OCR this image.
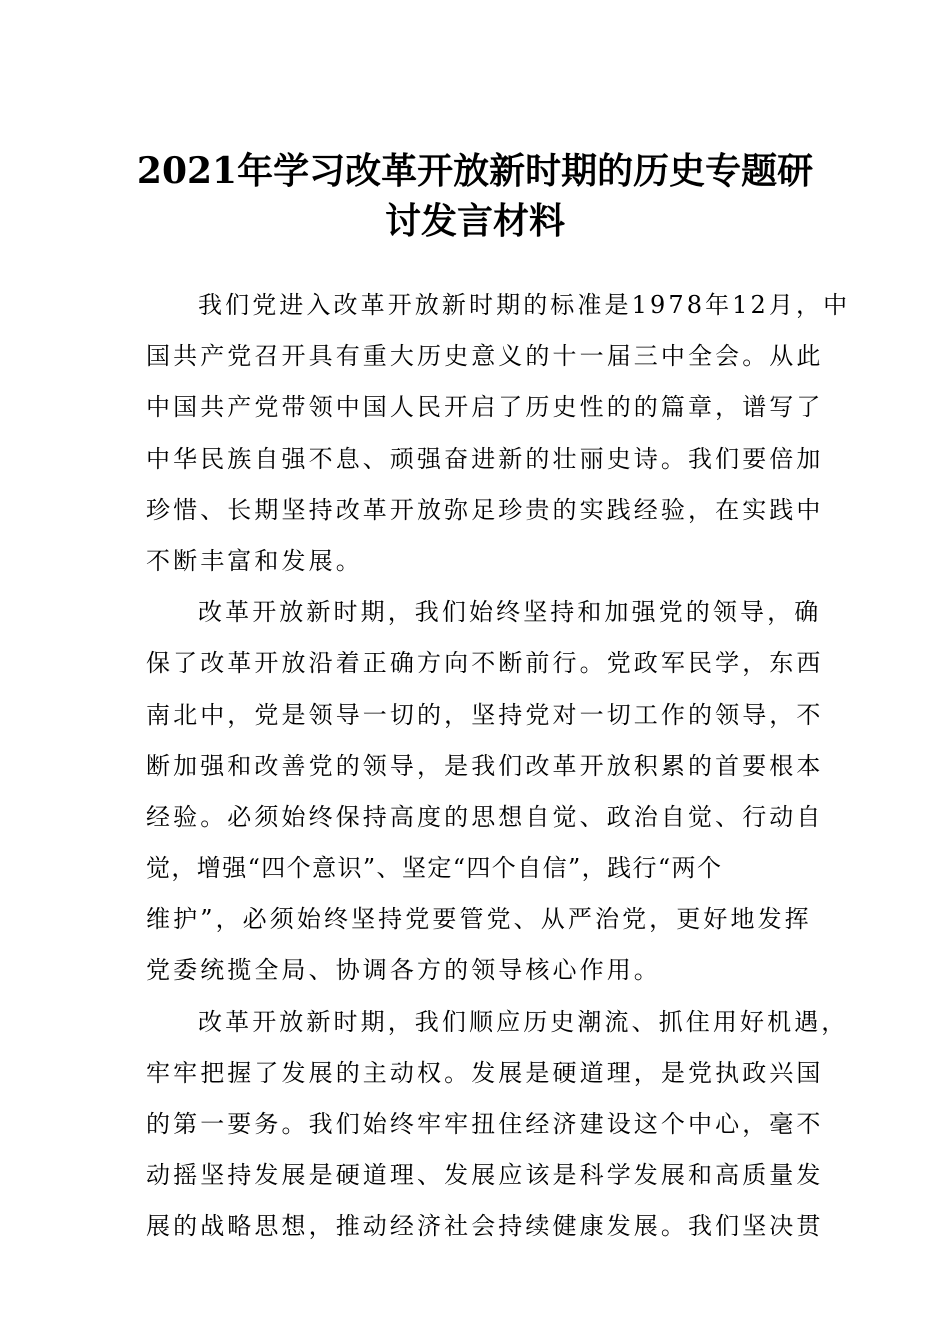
2021年学习改革开放新时期的历史专题研
讨发言材料
我们党进入改革开放新时期的标准是1978年12月，中
国共产党召开具有重大历史意义的十一届三中全会。从此
中国共产党带领中国人民开启了历史性的的篇章，谱写了
中华民族自强不息、顽强奋进新的壮丽史诗。我们要倍加
珍惜、长期坚持改革开放弥足珍贵的实践经验，在实践中
不断丰富和发展。
改革开放新时期，我们始终坚持和加强党的领导，确
保了改革开放沿着正确方向不断前行。党政军民学，东西
南北中，党是领导一切的，坚持党对一切工作的领导，不
断加强和改善党的领导，是我们改革开放积累的首要根本
经验。必须始终保持高度的思想自觉、政治自觉、行动自
觉，增强“四个意识”、坚定“四个自信”，践行“两个
维护”，必须始终坚持党要管党、从严治党，更好地发挥
党委统揽全局、协调各方的领导核心作用。
改革开放新时期，我们顺应历史潮流、抓住用好机遇，
牢牢把握了发展的主动权。发展是硬道理，是党执政兴国
的第一要务。我们始终牢牢扭住经济建设这个中心，毫不
动摇坚持发展是硬道理、发展应该是科学发展和高质量发
展的战略思想，推动经济社会持续健康发展。我们坚决贯
